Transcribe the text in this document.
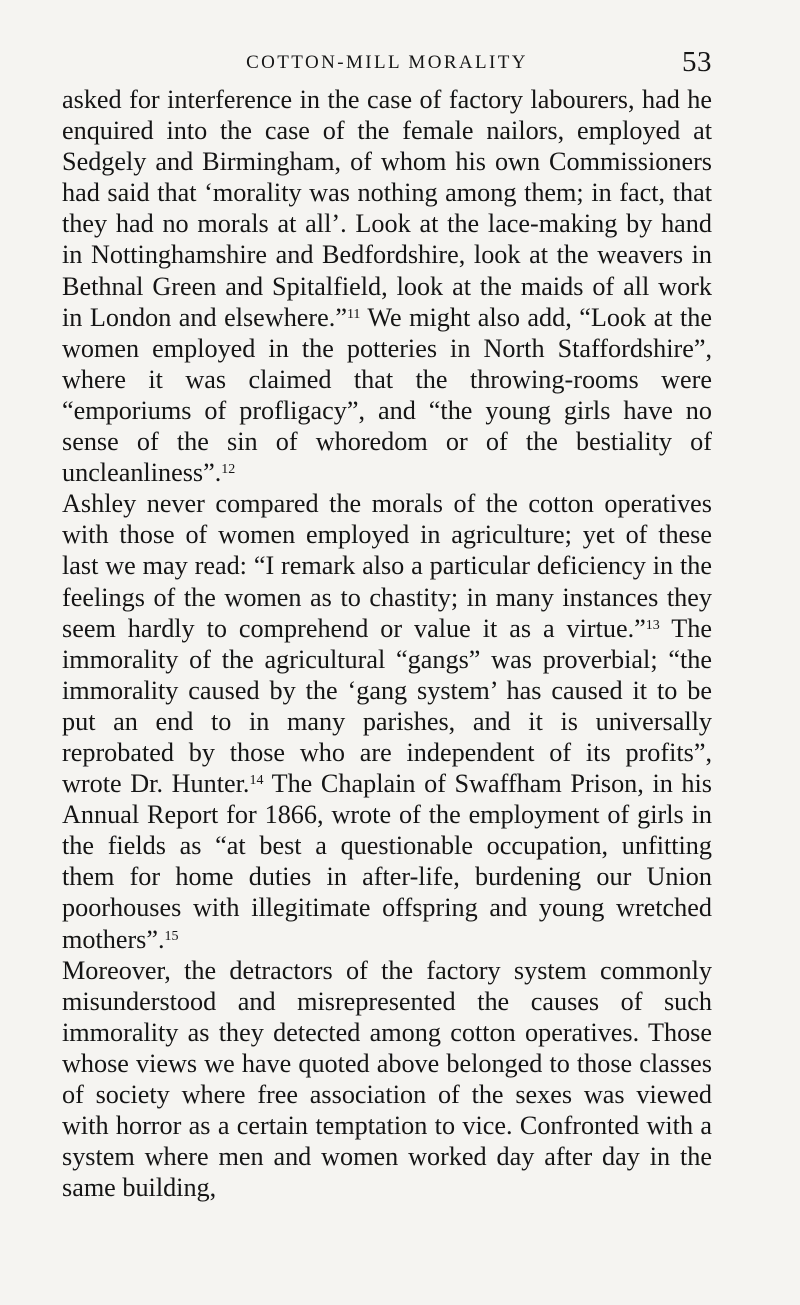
COTTON-MILL MORALITY	53

asked for interference in the case of factory labourers, had he enquired into the case of the female nailors, employed at Sedgely and Birmingham, of whom his own Commissioners had said that ‘morality was nothing among them; in fact, that they had no morals at all’. Look at the lace-making by hand in Nottinghamshire and Bedfordshire, look at the weavers in Bethnal Green and Spitalfield, look at the maids of all work in London and elsewhere.”$^{11}$ We might also add, “Look at the women employed in the potteries in North Staffordshire”, where it was claimed that the throwing-rooms were “emporiums of profligacy”, and “the young girls have no sense of the sin of whoredom or of the bestiality of uncleanliness”.$^{12}$

Ashley never compared the morals of the cotton operatives with those of women employed in agriculture; yet of these last we may read: “I remark also a particular deficiency in the feelings of the women as to chastity; in many instances they seem hardly to comprehend or value it as a virtue.”$^{13}$ The immorality of the agricultural “gangs” was proverbial; “the immorality caused by the ‘gang system’ has caused it to be put an end to in many parishes, and it is universally reprobated by those who are independent of its profits”, wrote Dr. Hunter.$^{14}$ The Chaplain of Swaffham Prison, in his Annual Report for 1866, wrote of the employment of girls in the fields as “at best a questionable occupation, unfitting them for home duties in after-life, burdening our Union poorhouses with illegitimate offspring and young wretched mothers”.$^{15}$

Moreover, the detractors of the factory system commonly misunderstood and misrepresented the causes of such immorality as they detected among cotton operatives. Those whose views we have quoted above belonged to those classes of society where free association of the sexes was viewed with horror as a certain temptation to vice. Confronted with a system where men and women worked day after day in the same building,
